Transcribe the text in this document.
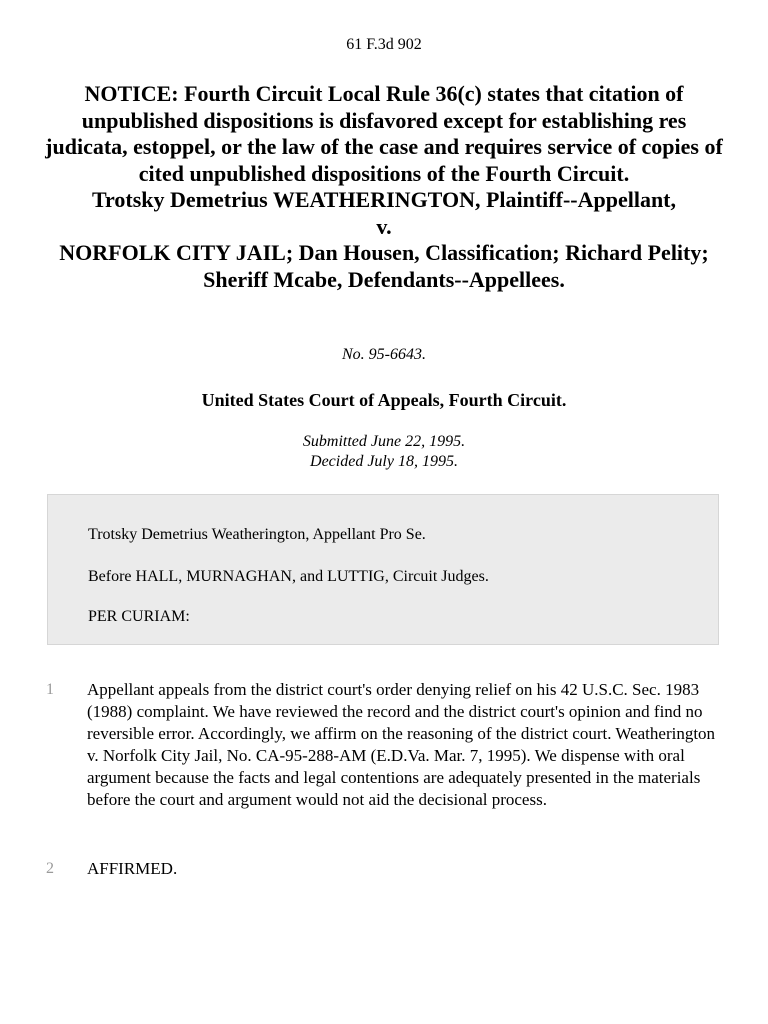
61 F.3d 902
NOTICE: Fourth Circuit Local Rule 36(c) states that citation of unpublished dispositions is disfavored except for establishing res judicata, estoppel, or the law of the case and requires service of copies of cited unpublished dispositions of the Fourth Circuit.
Trotsky Demetrius WEATHERINGTON, Plaintiff--Appellant,
v.
NORFOLK CITY JAIL; Dan Housen, Classification; Richard Pelity; Sheriff Mcabe, Defendants--Appellees.
No. 95-6643.
United States Court of Appeals, Fourth Circuit.
Submitted June 22, 1995.
Decided July 18, 1995.

Trotsky Demetrius Weatherington, Appellant Pro Se.

Before HALL, MURNAGHAN, and LUTTIG, Circuit Judges.

PER CURIAM:

1 Appellant appeals from the district court's order denying relief on his 42 U.S.C. Sec. 1983 (1988) complaint. We have reviewed the record and the district court's opinion and find no reversible error. Accordingly, we affirm on the reasoning of the district court. Weatherington v. Norfolk City Jail, No. CA-95-288-AM (E.D.Va. Mar. 7, 1995). We dispense with oral argument because the facts and legal contentions are adequately presented in the materials before the court and argument would not aid the decisional process.
2 AFFIRMED.
